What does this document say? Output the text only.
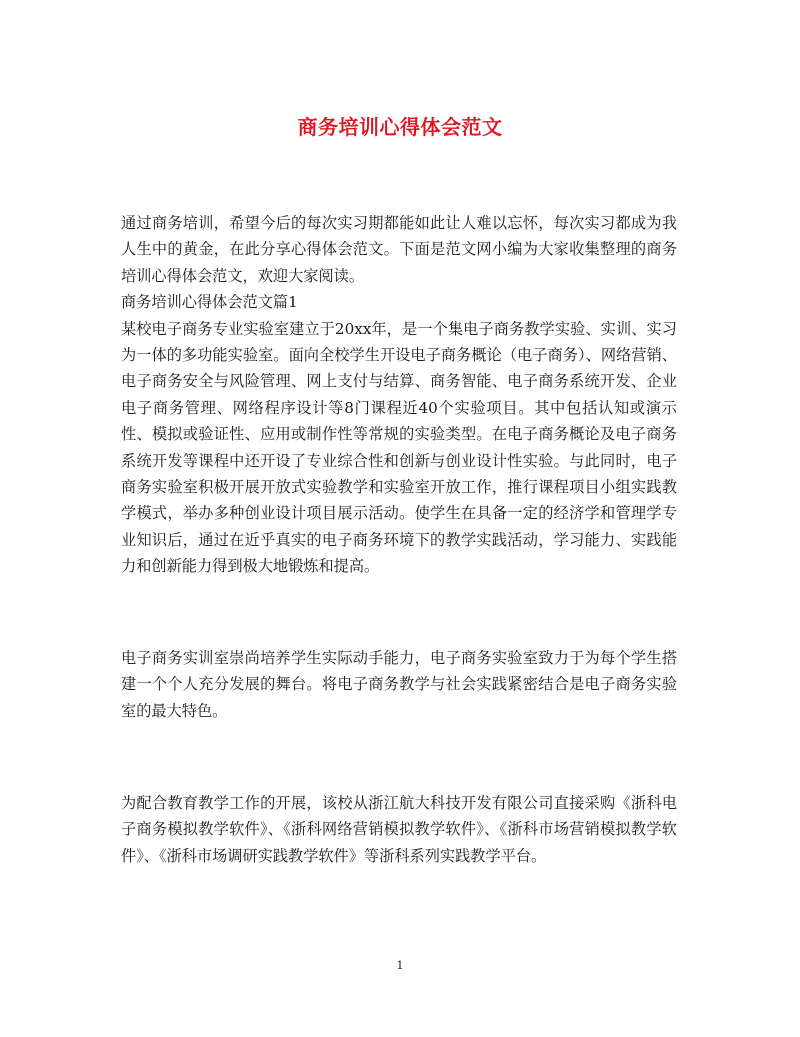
商务培训心得体会范文

通过商务培训，希望今后的每次实习期都能如此让人难以忘怀，每次实习都成为我人生中的黄金，在此分享心得体会范文。下面是范文网小编为大家收集整理的商务培训心得体会范文，欢迎大家阅读。

商务培训心得体会范文篇1

某校电子商务专业实验室建立于20xx年，是一个集电子商务教学实验、实训、实习为一体的多功能实验室。面向全校学生开设电子商务概论（电子商务）、网络营销、电子商务安全与风险管理、网上支付与结算、商务智能、电子商务系统开发、企业电子商务管理、网络程序设计等8门课程近40个实验项目。其中包括认知或演示性、模拟或验证性、应用或制作性等常规的实验类型。在电子商务概论及电子商务系统开发等课程中还开设了专业综合性和创新与创业设计性实验。与此同时，电子商务实验室积极开展开放式实验教学和实验室开放工作，推行课程项目小组实践教学模式，举办多种创业设计项目展示活动。使学生在具备一定的经济学和管理学专业知识后，通过在近乎真实的电子商务环境下的教学实践活动，学习能力、实践能力和创新能力得到极大地锻炼和提高。

电子商务实训室崇尚培养学生实际动手能力，电子商务实验室致力于为每个学生搭建一个个人充分发展的舞台。将电子商务教学与社会实践紧密结合是电子商务实验室的最大特色。

为配合教育教学工作的开展，该校从浙江航大科技开发有限公司直接采购《浙科电子商务模拟教学软件》、《浙科网络营销模拟教学软件》、《浙科市场营销模拟教学软件》、《浙科市场调研实践教学软件》等浙科系列实践教学平台。

1
